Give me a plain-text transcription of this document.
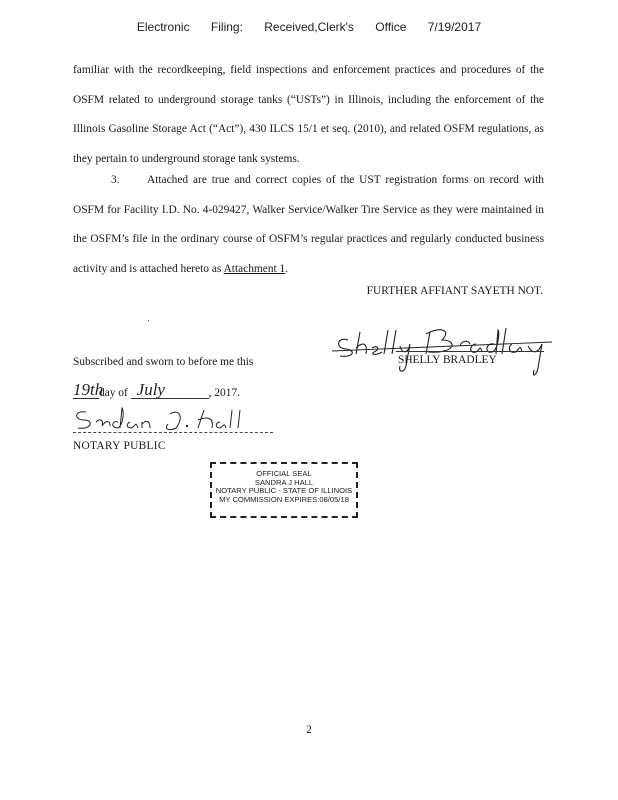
Electronic Filing: Received,Clerk's Office 7/19/2017
familiar with the recordkeeping, field inspections and enforcement practices and procedures of the OSFM related to underground storage tanks (“USTs”) in Illinois, including the enforcement of the Illinois Gasoline Storage Act (“Act”), 430 ILCS 15/1 et seq. (2010), and related OSFM regulations, as they pertain to underground storage tank systems.
3. Attached are true and correct copies of the UST registration forms on record with OSFM for Facility I.D. No. 4-029427, Walker Service/Walker Tire Service as they were maintained in the OSFM’s file in the ordinary course of OSFM’s regular practices and regularly conducted business activity and is attached hereto as Attachment 1.
FURTHER AFFIANT SAYETH NOT.
SHELLY BRADLEY
Subscribed and sworn to before me this
19th
day of July	, 2017.
NOTARY PUBLIC
OFFICIAL SEAL
SANDRA J HALL
NOTARY PUBLIC - STATE OF ILLINOIS
MY COMMISSION EXPIRES:08/05/18
2
